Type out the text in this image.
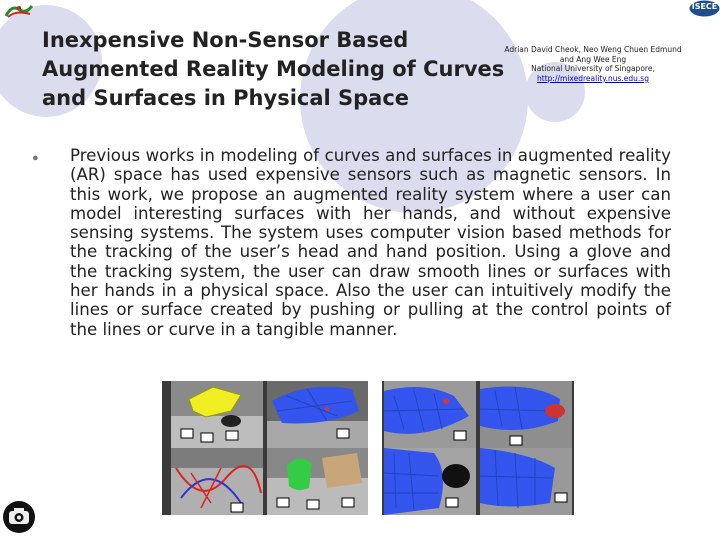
ISECE
Inexpensive Non-Sensor Based Augmented Reality Modeling of Curves and Surfaces in Physical Space
Adrian David Cheok, Neo Weng Chuen Edmund and Ang Wee Eng
National University of Singapore,
http://mixedreality.nus.edu.sg
● Previous works in modeling of curves and surfaces in augmented reality (AR) space has used expensive sensors such as magnetic sensors. In this work, we propose an augmented reality system where a user can model interesting surfaces with her hands, and without expensive sensing systems. The system uses computer vision based methods for the tracking of the user’s head and hand position. Using a glove and the tracking system, the user can draw smooth lines or surfaces with her hands in a physical space. Also the user can intuitively modify the lines or surface created by pushing or pulling at the control points of the lines or curve in a tangible manner.
